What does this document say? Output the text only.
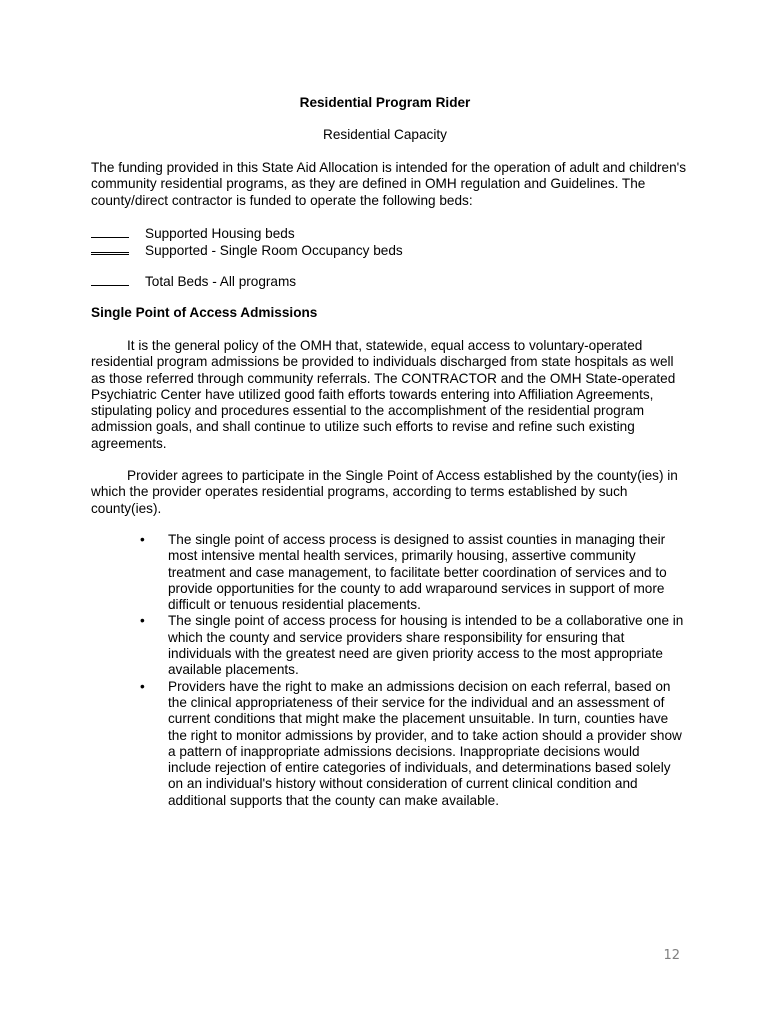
Residential Program Rider
Residential Capacity

The funding provided in this State Aid Allocation is intended for the operation of adult and children's community residential programs, as they are defined in OMH regulation and Guidelines. The county/direct contractor is funded to operate the following beds:

Supported Housing beds
Supported - Single Room Occupancy beds
Total Beds - All programs
Single Point of Access Admissions

It is the general policy of the OMH that, statewide, equal access to voluntary-operated residential program admissions be provided to individuals discharged from state hospitals as well as those referred through community referrals. The CONTRACTOR and the OMH State-operated Psychiatric Center have utilized good faith efforts towards entering into Affiliation Agreements, stipulating policy and procedures essential to the accomplishment of the residential program admission goals, and shall continue to utilize such efforts to revise and refine such existing agreements.

Provider agrees to participate in the Single Point of Access established by the county(ies) in which the provider operates residential programs, according to terms established by such county(ies).

• The single point of access process is designed to assist counties in managing their most intensive mental health services, primarily housing, assertive community treatment and case management, to facilitate better coordination of services and to provide opportunities for the county to add wraparound services in support of more difficult or tenuous residential placements.
• The single point of access process for housing is intended to be a collaborative one in which the county and service providers share responsibility for ensuring that individuals with the greatest need are given priority access to the most appropriate available placements.
• Providers have the right to make an admissions decision on each referral, based on the clinical appropriateness of their service for the individual and an assessment of current conditions that might make the placement unsuitable. In turn, counties have the right to monitor admissions by provider, and to take action should a provider show a pattern of inappropriate admissions decisions. Inappropriate decisions would include rejection of entire categories of individuals, and determinations based solely on an individual's history without consideration of current clinical condition and additional supports that the county can make available.
12
